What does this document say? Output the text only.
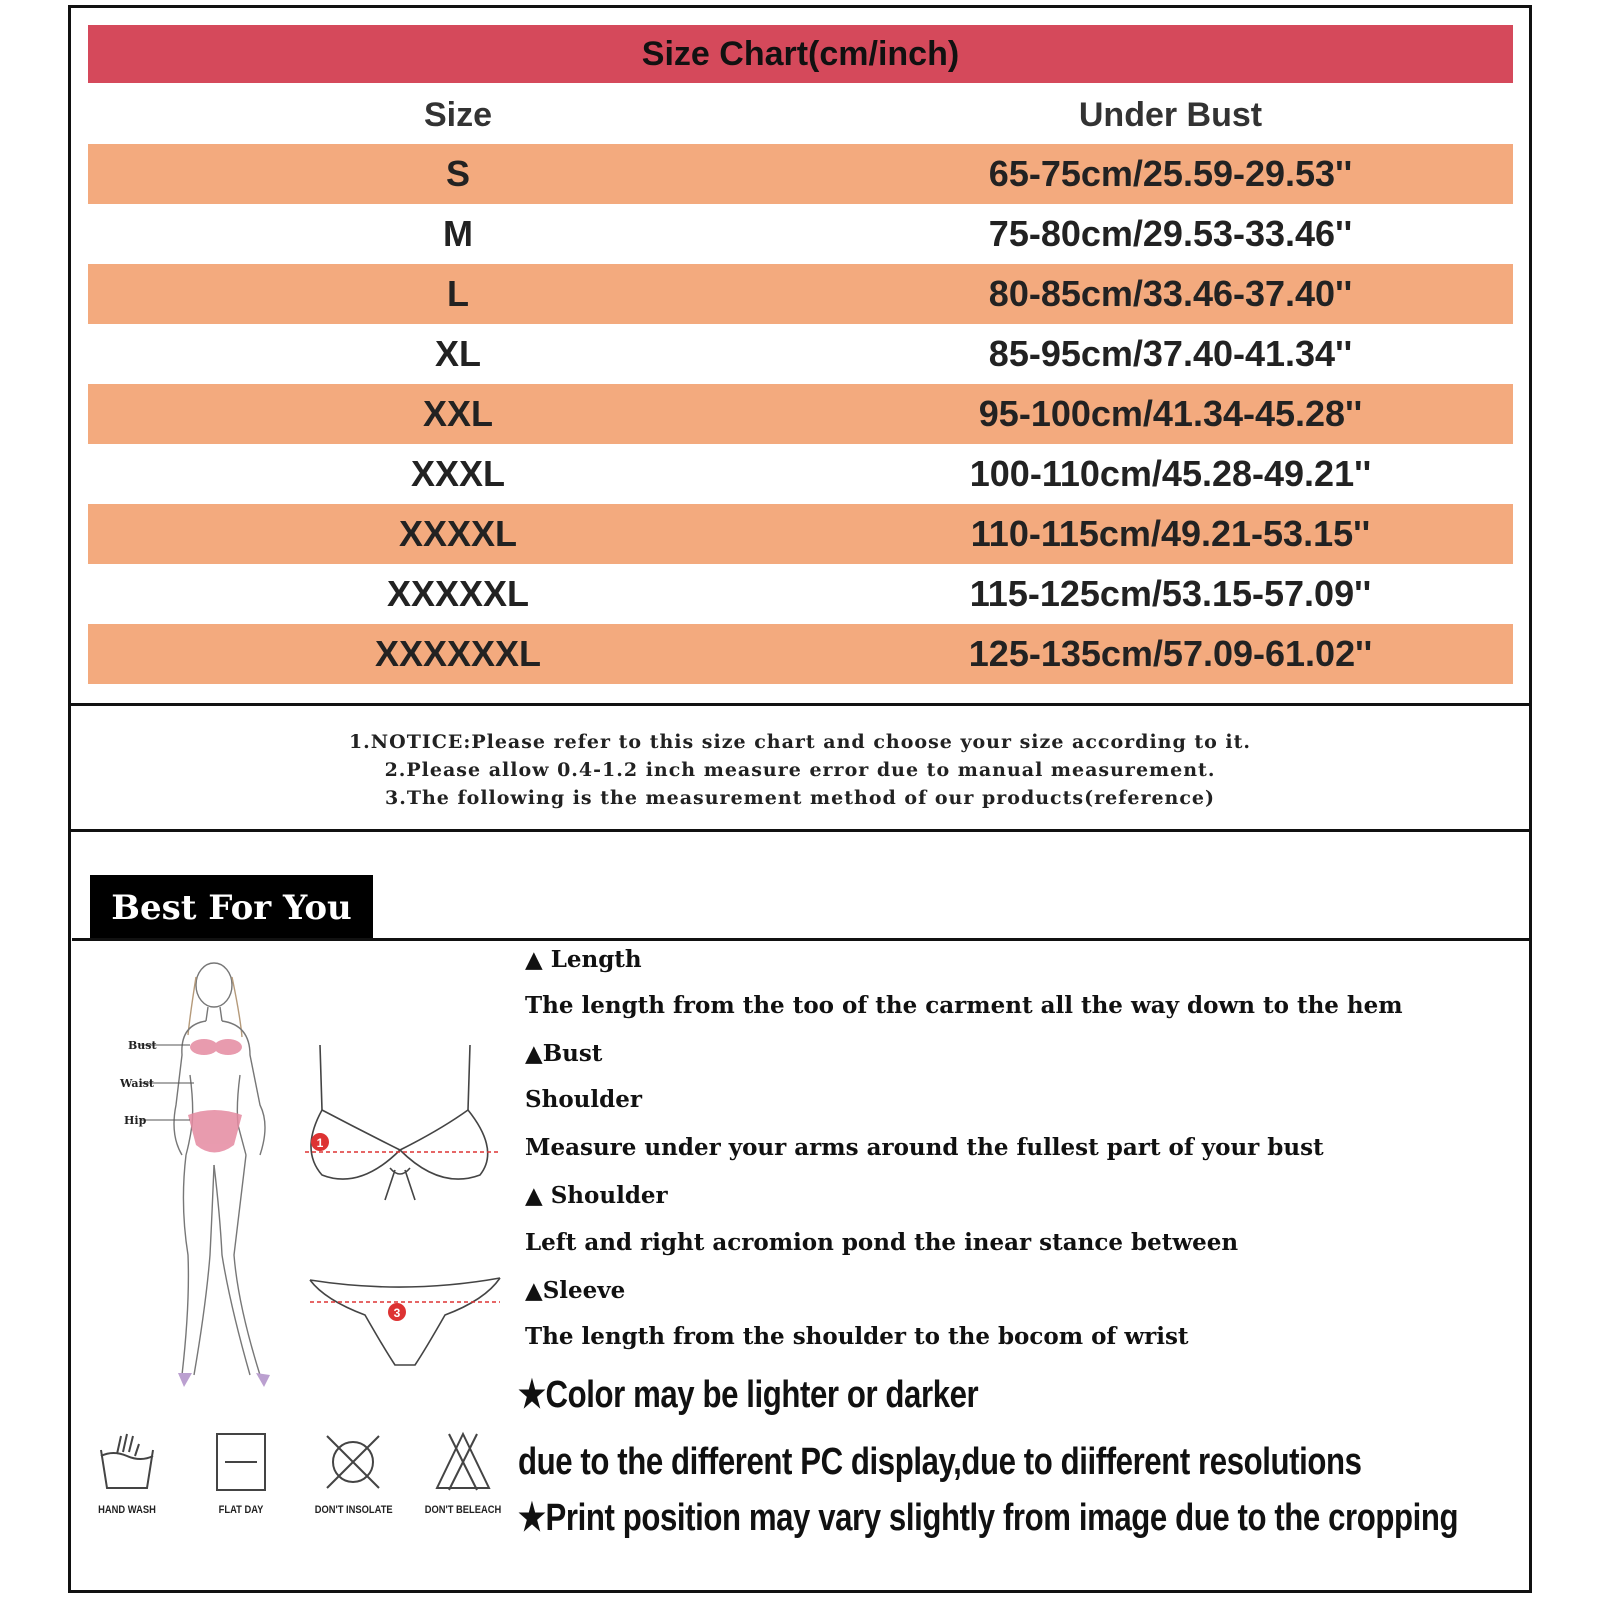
Size Chart(cm/inch)
Size	Under Bust
S	65-75cm/25.59-29.53''
M	75-80cm/29.53-33.46''
L	80-85cm/33.46-37.40''
XL	85-95cm/37.40-41.34''
XXL	95-100cm/41.34-45.28''
XXXL	100-110cm/45.28-49.21''
XXXXL	110-115cm/49.21-53.15''
XXXXXL	115-125cm/53.15-57.09''
XXXXXXL	125-135cm/57.09-61.02''
1.NOTICE:Please refer to this size chart and choose your size according to it.
2.Please allow 0.4-1.2 inch measure error due to manual measurement.
3.The following is the measurement method of our products(reference)
Best For You
Bust
Waist
Hip
1
3
HAND WASH	FLAT DAY	DON'T INSOLATE	DON'T BELEACH
▲ Length
The length from the too of the carment all the way down to the hem
▲Bust
Shoulder
Measure under your arms around the fullest part of your bust
▲ Shoulder
Left and right acromion pond the inear stance between
▲Sleeve
The length from the shoulder to the bocom of wrist
★Color may be lighter or darker
due to the different PC display,due to diifferent resolutions
★Print position may vary slightly from image due to the cropping
